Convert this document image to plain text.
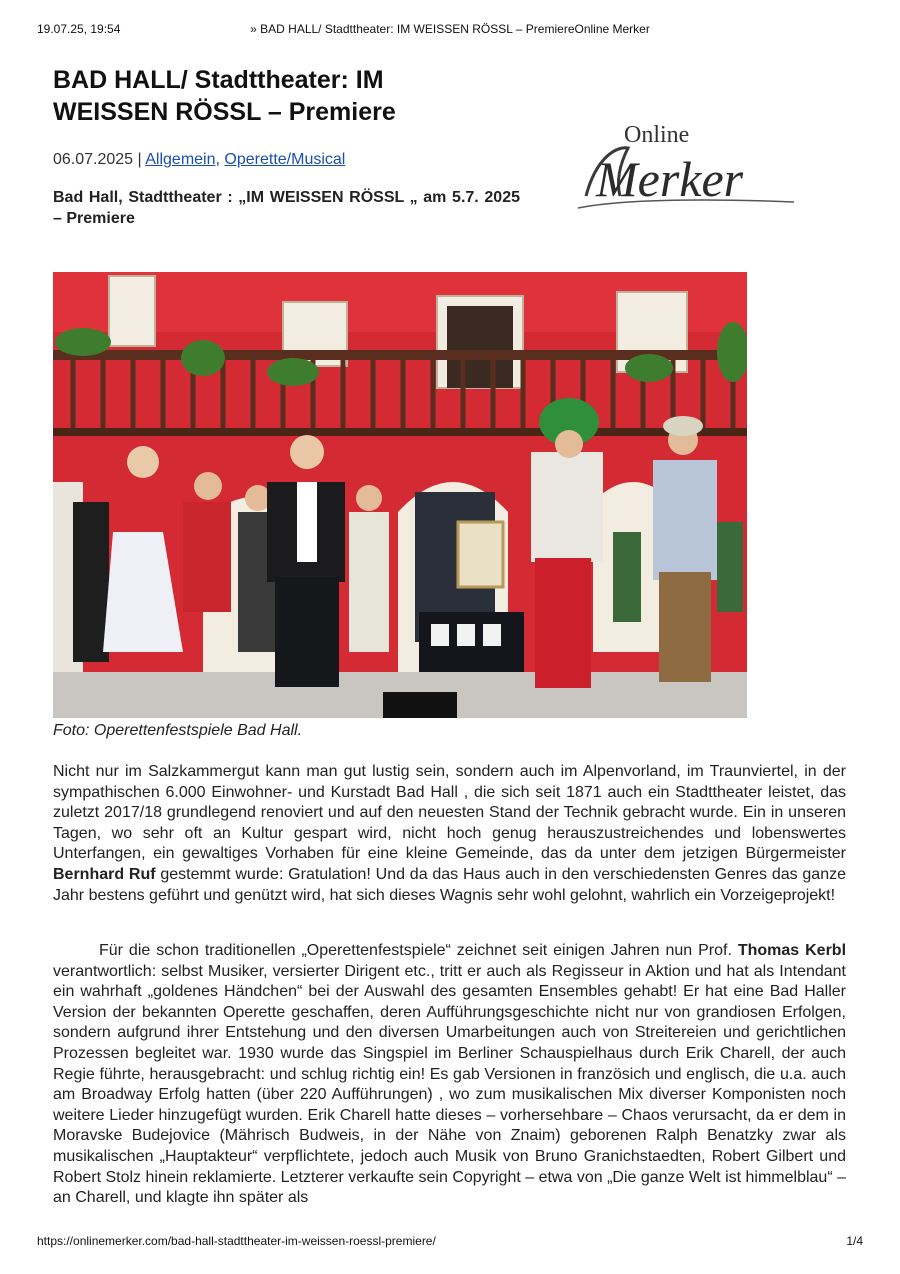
19.07.25, 19:54	» BAD HALL/ Stadttheater: IM WEISSEN RÖSSL – PremiereOnline Merker
BAD HALL/ Stadttheater: IM WEISSEN RÖSSL – Premiere
06.07.2025 | Allgemein, Operette/Musical

Bad Hall, Stadttheater : „IM WEISSEN RÖSSL „ am 5.7. 2025 – Premiere

Online
Merker
Foto: Operettenfestspiele Bad Hall.
Nicht nur im Salzkammergut kann man gut lustig sein, sondern auch im Alpenvorland, im Traunviertel, in der sympathischen 6.000 Einwohner- und Kurstadt Bad Hall , die sich seit 1871 auch ein Stadttheater leistet, das zuletzt 2017/18 grundlegend renoviert und auf den neuesten Stand der Technik gebracht wurde. Ein in unseren Tagen, wo sehr oft an Kultur gespart wird, nicht hoch genug herauszustreichendes und lobenswertes Unterfangen, ein gewaltiges Vorhaben für eine kleine Gemeinde, das da unter dem jetzigen Bürgermeister Bernhard Ruf gestemmt wurde: Gratulation! Und da das Haus auch in den verschiedensten Genres das ganze Jahr bestens geführt und genützt wird, hat sich dieses Wagnis sehr wohl gelohnt, wahrlich ein Vorzeigeprojekt!
Für die schon traditionellen „Operettenfestspiele“ zeichnet seit einigen Jahren nun Prof. Thomas Kerbl verantwortlich: selbst Musiker, versierter Dirigent etc., tritt er auch als Regisseur in Aktion und hat als Intendant ein wahrhaft „goldenes Händchen“ bei der Auswahl des gesamten Ensembles gehabt! Er hat eine Bad Haller Version der bekannten Operette geschaffen, deren Aufführungsgeschichte nicht nur von grandiosen Erfolgen, sondern aufgrund ihrer Entstehung und den diversen Umarbeitungen auch von Streitereien und gerichtlichen Prozessen begleitet war. 1930 wurde das Singspiel im Berliner Schauspielhaus durch Erik Charell, der auch Regie führte, herausgebracht: und schlug richtig ein! Es gab Versionen in französich und englisch, die u.a. auch am Broadway Erfolg hatten (über 220 Aufführungen) , wo zum musikalischen Mix diverser Komponisten noch weitere Lieder hinzugefügt wurden. Erik Charell hatte dieses – vorhersehbare – Chaos verursacht, da er dem in Moravske Budejovice (Mährisch Budweis, in der Nähe von Znaim) geborenen Ralph Benatzky zwar als musikalischen „Hauptakteur“ verpflichtete, jedoch auch Musik von Bruno Granichstaedten, Robert Gilbert und Robert Stolz hinein reklamierte. Letzterer verkaufte sein Copyright – etwa von „Die ganze Welt ist himmelblau“ – an Charell, und klagte ihn später als
https://onlinemerker.com/bad-hall-stadttheater-im-weissen-roessl-premiere/	1/4
